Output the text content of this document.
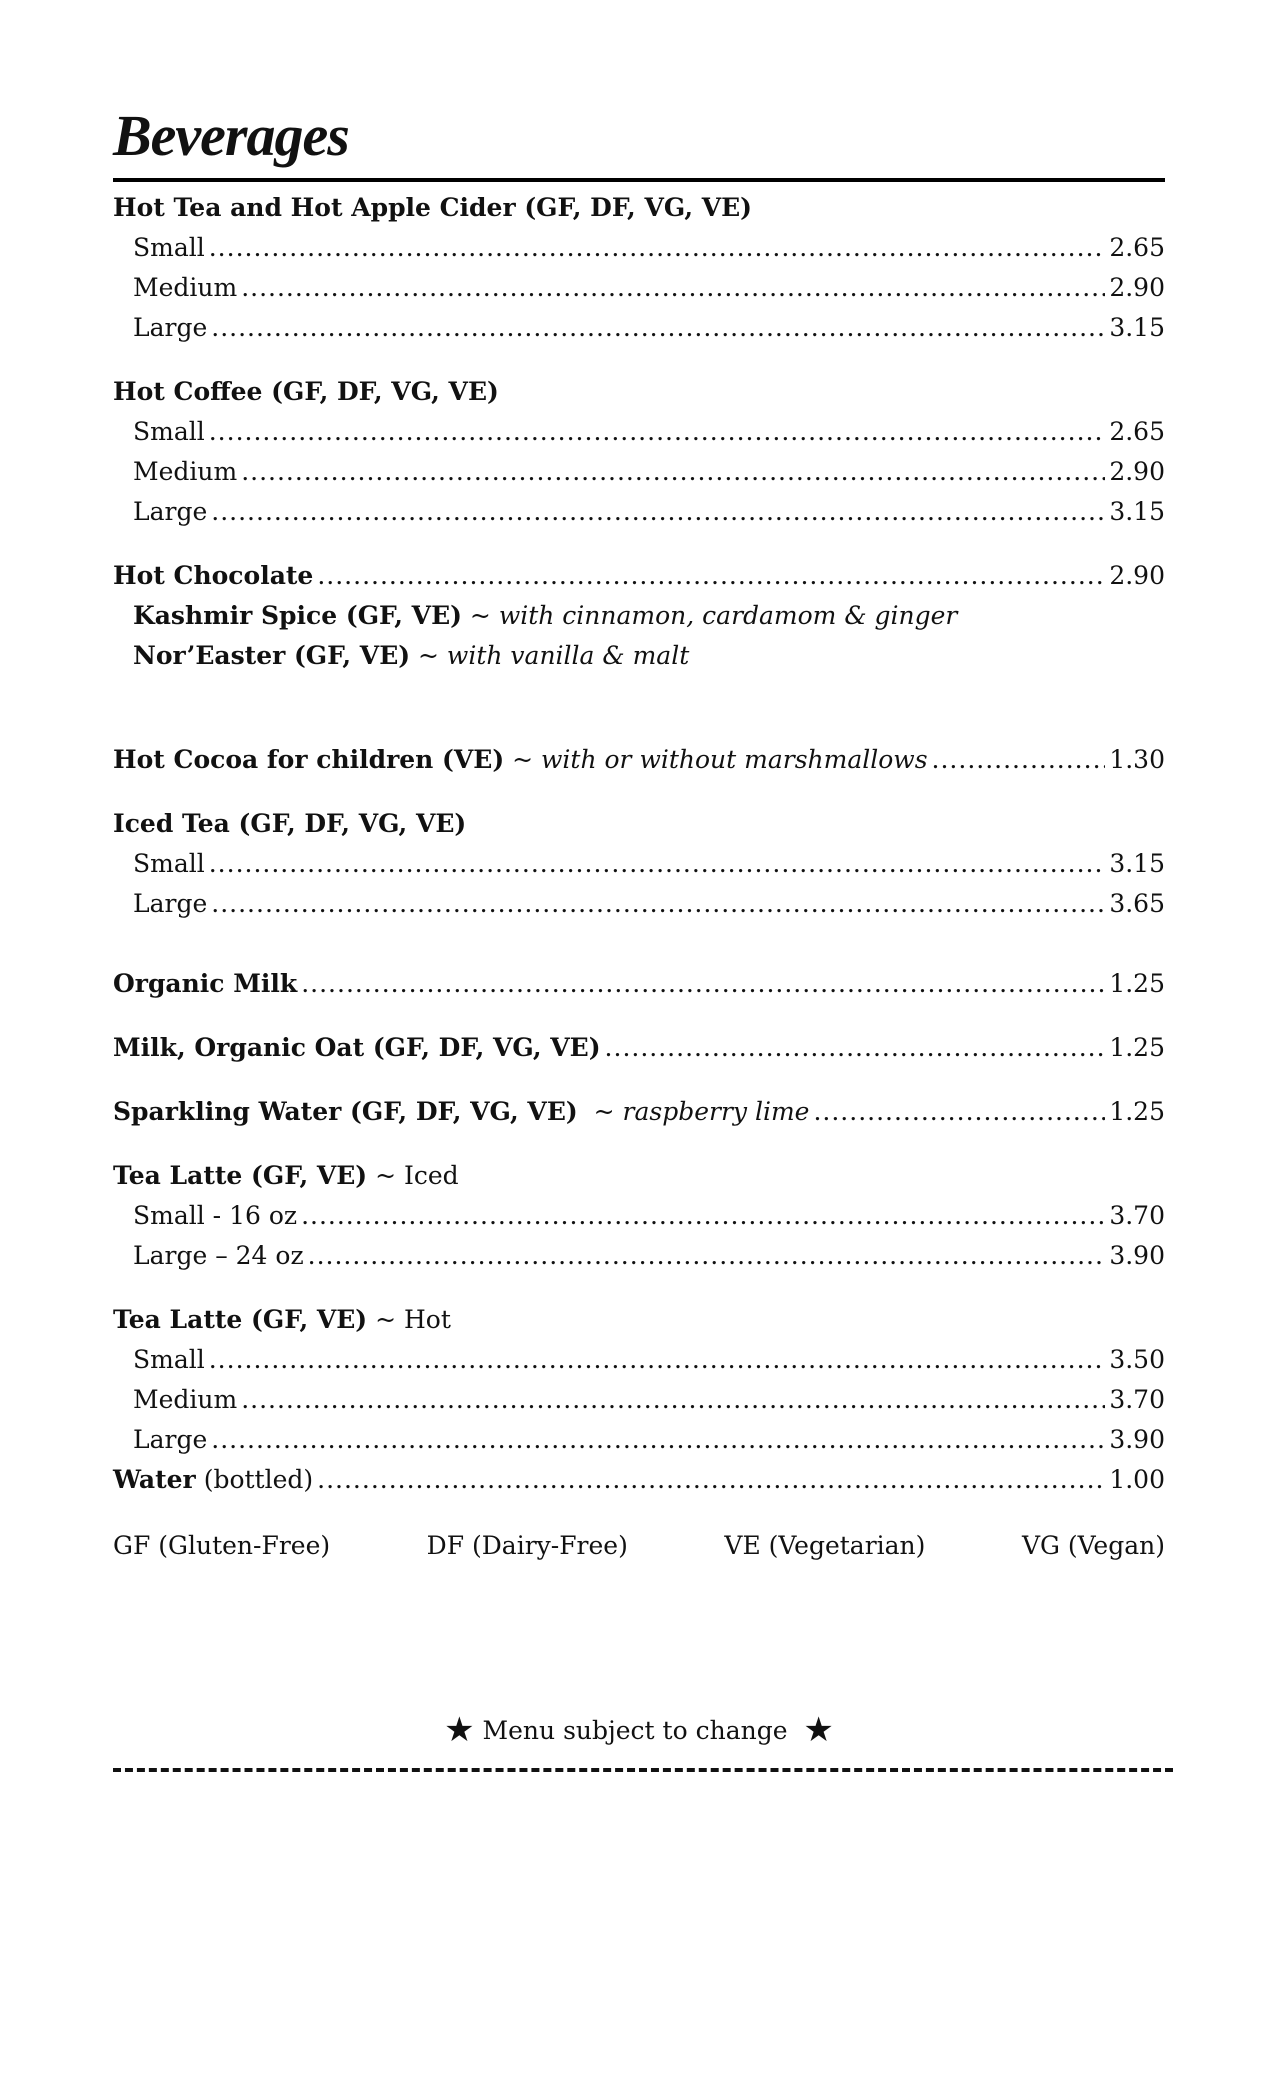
Beverages
Hot Tea and Hot Apple Cider (GF, DF, VG, VE)
Small .....	2.65
Medium .....	2.90
Large .....	3.15
Hot Coffee (GF, DF, VG, VE)
Small .....	2.65
Medium .....	2.90
Large .....	3.15
Hot Chocolate .....	2.90
Kashmir Spice (GF, VE)
~ with cinnamon, cardamom & ginger
Nor’Easter (GF, VE)
~ with vanilla & malt
Hot Cocoa for children (VE)
~ with or without marshmallows .....	1.30
Iced Tea (GF, DF, VG, VE)
Small .....	3.15
Large .....	3.65
Organic Milk .....	1.25
Milk, Organic Oat (GF, DF, VG, VE) .....	1.25
Sparkling Water (GF, DF, VG, VE)
~ raspberry lime .....	1.25
Tea Latte (GF, VE)
~ Iced
Small - 16 oz .....	3.70
Large – 24 oz .....	3.90
Tea Latte (GF, VE)
~ Hot
Small .....	3.50
Medium .....	3.70
Large .....	3.90
Water
(bottled) .....	1.00
GF (Gluten-Free)	DF (Dairy-Free)	VE (Vegetarian)	VG (Vegan)
★ Menu subject to change ★
